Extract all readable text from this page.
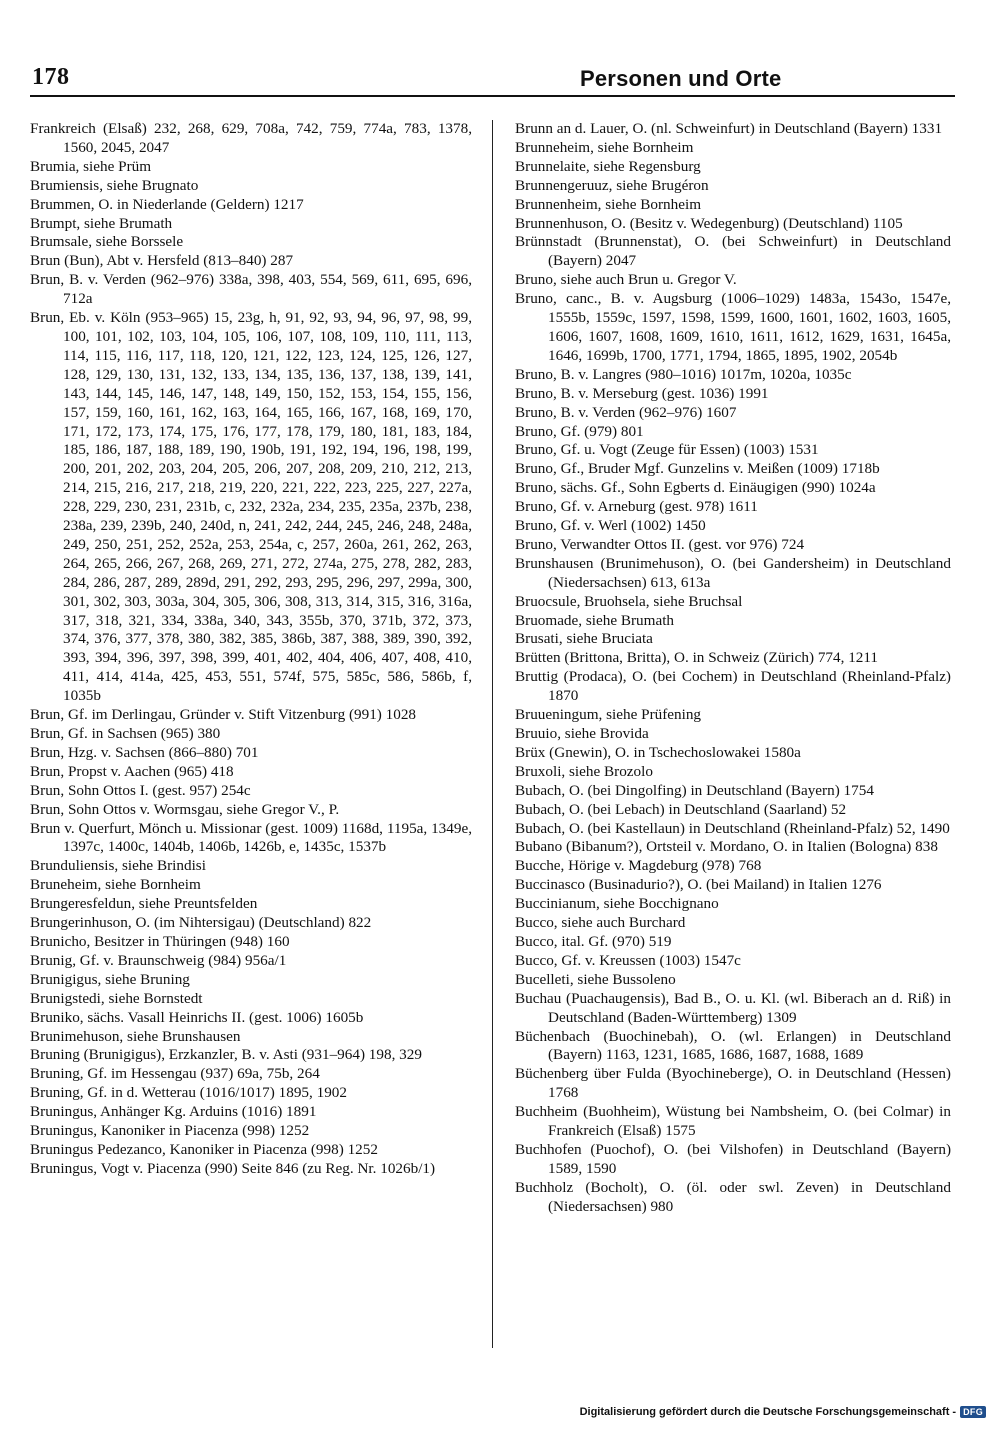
178	Personen und Orte

Frankreich (Elsaß) 232, 268, 629, 708a, 742, 759, 774a, 783, 1378, 1560, 2045, 2047

Brumia, siehe Prüm

Brumiensis, siehe Brugnato

Brummen, O. in Niederlande (Geldern) 1217

Brumpt, siehe Brumath

Brumsale, siehe Borssele

Brun (Bun), Abt v. Hersfeld (813–840) 287

Brun, B. v. Verden (962–976) 338a, 398, 403, 554, 569, 611, 695, 696, 712a

Brun, Eb. v. Köln (953–965) 15, 23g, h, 91, 92, 93, 94, 96, 97, 98, 99, 100, 101, 102, 103, 104, 105, 106, 107, 108, 109, 110, 111, 113, 114, 115, 116, 117, 118, 120, 121, 122, 123, 124, 125, 126, 127, 128, 129, 130, 131, 132, 133, 134, 135, 136, 137, 138, 139, 141, 143, 144, 145, 146, 147, 148, 149, 150, 152, 153, 154, 155, 156, 157, 159, 160, 161, 162, 163, 164, 165, 166, 167, 168, 169, 170, 171, 172, 173, 174, 175, 176, 177, 178, 179, 180, 181, 183, 184, 185, 186, 187, 188, 189, 190, 190b, 191, 192, 194, 196, 198, 199, 200, 201, 202, 203, 204, 205, 206, 207, 208, 209, 210, 212, 213, 214, 215, 216, 217, 218, 219, 220, 221, 222, 223, 225, 227, 227a, 228, 229, 230, 231, 231b, c, 232, 232a, 234, 235, 235a, 237b, 238, 238a, 239, 239b, 240, 240d, n, 241, 242, 244, 245, 246, 248, 248a, 249, 250, 251, 252, 252a, 253, 254a, c, 257, 260a, 261, 262, 263, 264, 265, 266, 267, 268, 269, 271, 272, 274a, 275, 278, 282, 283, 284, 286, 287, 289, 289d, 291, 292, 293, 295, 296, 297, 299a, 300, 301, 302, 303, 303a, 304, 305, 306, 308, 313, 314, 315, 316, 316a, 317, 318, 321, 334, 338a, 340, 343, 355b, 370, 371b, 372, 373, 374, 376, 377, 378, 380, 382, 385, 386b, 387, 388, 389, 390, 392, 393, 394, 396, 397, 398, 399, 401, 402, 404, 406, 407, 408, 410, 411, 414, 414a, 425, 453, 551, 574f, 575, 585c, 586, 586b, f, 1035b

Brun, Gf. im Derlingau, Gründer v. Stift Vitzenburg (991) 1028

Brun, Gf. in Sachsen (965) 380

Brun, Hzg. v. Sachsen (866–880) 701

Brun, Propst v. Aachen (965) 418

Brun, Sohn Ottos I. (gest. 957) 254c

Brun, Sohn Ottos v. Wormsgau, siehe Gregor V., P.

Brun v. Querfurt, Mönch u. Missionar (gest. 1009) 1168d, 1195a, 1349e, 1397c, 1400c, 1404b, 1406b, 1426b, e, 1435c, 1537b

Brunduliensis, siehe Brindisi

Bruneheim, siehe Bornheim

Brungeresfeldun, siehe Preuntsfelden

Brungerinhuson, O. (im Nihtersigau) (Deutschland) 822

Brunicho, Besitzer in Thüringen (948) 160

Brunig, Gf. v. Braunschweig (984) 956a/1

Brunigigus, siehe Bruning

Brunigstedi, siehe Bornstedt

Bruniko, sächs. Vasall Heinrichs II. (gest. 1006) 1605b

Brunimehuson, siehe Brunshausen

Bruning (Brunigigus), Erzkanzler, B. v. Asti (931–964) 198, 329

Bruning, Gf. im Hessengau (937) 69a, 75b, 264

Bruning, Gf. in d. Wetterau (1016/1017) 1895, 1902

Bruningus, Anhänger Kg. Arduins (1016) 1891

Bruningus, Kanoniker in Piacenza (998) 1252

Bruningus Pedezanco, Kanoniker in Piacenza (998) 1252

Bruningus, Vogt v. Piacenza (990) Seite 846 (zu Reg. Nr. 1026b/1)

Brunn an d. Lauer, O. (nl. Schweinfurt) in Deutschland (Bayern) 1331

Brunneheim, siehe Bornheim

Brunnelaite, siehe Regensburg

Brunnengeruuz, siehe Brugéron

Brunnenheim, siehe Bornheim

Brunnenhuson, O. (Besitz v. Wedegenburg) (Deutschland) 1105

Brünnstadt (Brunnenstat), O. (bei Schweinfurt) in Deutschland (Bayern) 2047

Bruno, siehe auch Brun u. Gregor V.

Bruno, canc., B. v. Augsburg (1006–1029) 1483a, 1543o, 1547e, 1555b, 1559c, 1597, 1598, 1599, 1600, 1601, 1602, 1603, 1605, 1606, 1607, 1608, 1609, 1610, 1611, 1612, 1629, 1631, 1645a, 1646, 1699b, 1700, 1771, 1794, 1865, 1895, 1902, 2054b

Bruno, B. v. Langres (980–1016) 1017m, 1020a, 1035c

Bruno, B. v. Merseburg (gest. 1036) 1991

Bruno, B. v. Verden (962–976) 1607

Bruno, Gf. (979) 801

Bruno, Gf. u. Vogt (Zeuge für Essen) (1003) 1531

Bruno, Gf., Bruder Mgf. Gunzelins v. Meißen (1009) 1718b

Bruno, sächs. Gf., Sohn Egberts d. Einäugigen (990) 1024a

Bruno, Gf. v. Arneburg (gest. 978) 1611

Bruno, Gf. v. Werl (1002) 1450

Bruno, Verwandter Ottos II. (gest. vor 976) 724

Brunshausen (Brunimehuson), O. (bei Gandersheim) in Deutschland (Niedersachsen) 613, 613a

Bruocsule, Bruohsela, siehe Bruchsal

Bruomade, siehe Brumath

Brusati, siehe Bruciata

Brütten (Brittona, Britta), O. in Schweiz (Zürich) 774, 1211

Bruttig (Prodaca), O. (bei Cochem) in Deutschland (Rheinland-Pfalz) 1870

Bruueningum, siehe Prüfening

Bruuio, siehe Brovida

Brüx (Gnewin), O. in Tschechoslowakei 1580a

Bruxoli, siehe Brozolo

Bubach, O. (bei Dingolfing) in Deutschland (Bayern) 1754

Bubach, O. (bei Lebach) in Deutschland (Saarland) 52

Bubach, O. (bei Kastellaun) in Deutschland (Rheinland-Pfalz) 52, 1490

Bubano (Bibanum?), Ortsteil v. Mordano, O. in Italien (Bologna) 838

Bucche, Hörige v. Magdeburg (978) 768

Buccinasco (Businadurio?), O. (bei Mailand) in Italien 1276

Buccinianum, siehe Bocchignano

Bucco, siehe auch Burchard

Bucco, ital. Gf. (970) 519

Bucco, Gf. v. Kreussen (1003) 1547c

Bucelleti, siehe Bussoleno

Buchau (Puachaugensis), Bad B., O. u. Kl. (wl. Biberach an d. Riß) in Deutschland (Baden-Württemberg) 1309

Büchenbach (Buochinebah), O. (wl. Erlangen) in Deutschland (Bayern) 1163, 1231, 1685, 1686, 1687, 1688, 1689

Büchenberg über Fulda (Byochineberge), O. in Deutschland (Hessen) 1768

Buchheim (Buohheim), Wüstung bei Nambsheim, O. (bei Colmar) in Frankreich (Elsaß) 1575

Buchhofen (Puochof), O. (bei Vilshofen) in Deutschland (Bayern) 1589, 1590

Buchholz (Bocholt), O. (öl. oder swl. Zeven) in Deutschland (Niedersachsen) 980

Digitalisierung gefördert durch die Deutsche Forschungsgemeinschaft - DFG
